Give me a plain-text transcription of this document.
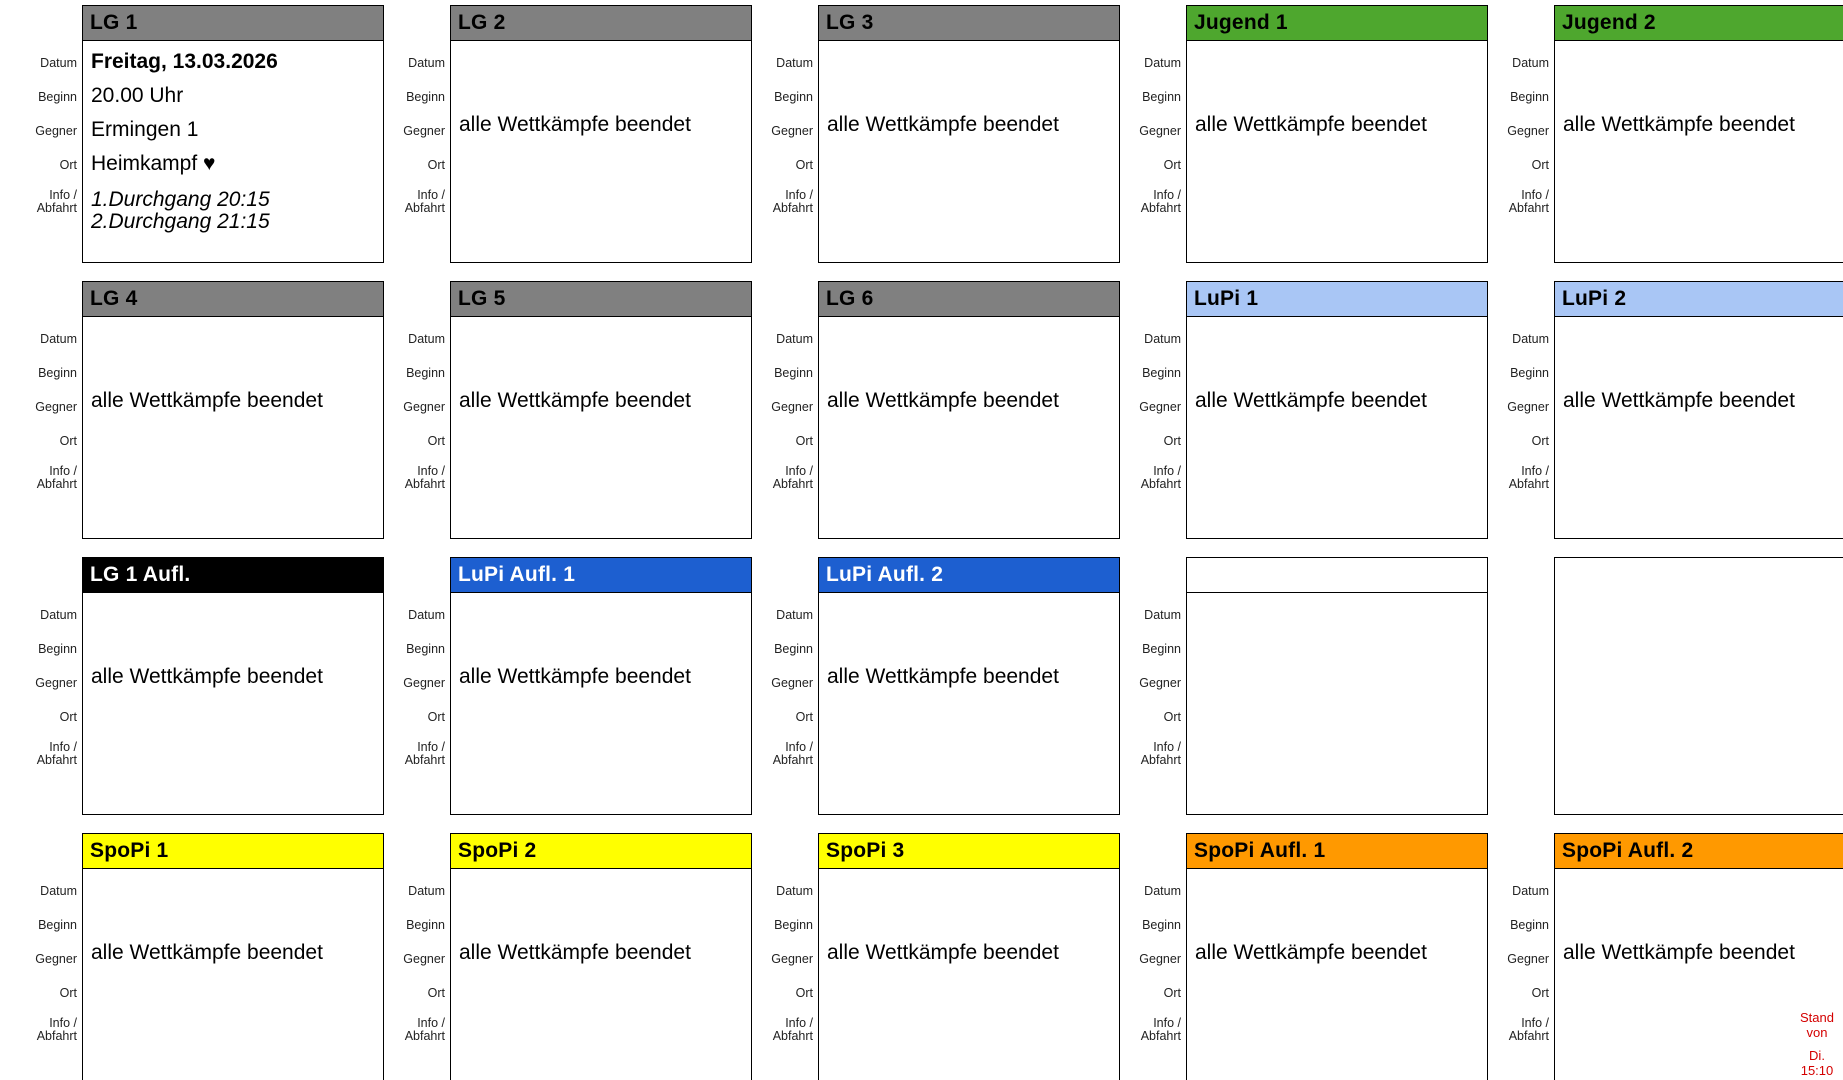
LG 1
Datum
Beginn
Gegner
Ort
Info /
Abfahrt
Freitag, 13.03.2026
20.00 Uhr
Ermingen 1
Heimkampf ♥
1.Durchgang 20:15
2.Durchgang 21:15
LG 2
Datum
Beginn
Gegner
Ort
Info /
Abfahrt
alle Wettkämpfe beendet
LG 3
Datum
Beginn
Gegner
Ort
Info /
Abfahrt
alle Wettkämpfe beendet
Jugend 1
Datum
Beginn
Gegner
Ort
Info /
Abfahrt
alle Wettkämpfe beendet
Jugend 2
Datum
Beginn
Gegner
Ort
Info /
Abfahrt
alle Wettkämpfe beendet
LG 4
Datum
Beginn
Gegner
Ort
Info /
Abfahrt
alle Wettkämpfe beendet
LG 5
Datum
Beginn
Gegner
Ort
Info /
Abfahrt
alle Wettkämpfe beendet
LG 6
Datum
Beginn
Gegner
Ort
Info /
Abfahrt
alle Wettkämpfe beendet
LuPi 1
Datum
Beginn
Gegner
Ort
Info /
Abfahrt
alle Wettkämpfe beendet
LuPi 2
Datum
Beginn
Gegner
Ort
Info /
Abfahrt
alle Wettkämpfe beendet
LG 1 Aufl.
Datum
Beginn
Gegner
Ort
Info /
Abfahrt
alle Wettkämpfe beendet
LuPi Aufl. 1
Datum
Beginn
Gegner
Ort
Info /
Abfahrt
alle Wettkämpfe beendet
LuPi Aufl. 2
Datum
Beginn
Gegner
Ort
Info /
Abfahrt
alle Wettkämpfe beendet
Datum
Beginn
Gegner
Ort
Info /
Abfahrt
SpoPi 1
Datum
Beginn
Gegner
Ort
Info /
Abfahrt
alle Wettkämpfe beendet
SpoPi 2
Datum
Beginn
Gegner
Ort
Info /
Abfahrt
alle Wettkämpfe beendet
SpoPi 3
Datum
Beginn
Gegner
Ort
Info /
Abfahrt
alle Wettkämpfe beendet
SpoPi Aufl. 1
Datum
Beginn
Gegner
Ort
Info /
Abfahrt
alle Wettkämpfe beendet
SpoPi Aufl. 2
Datum
Beginn
Gegner
Ort
Info /
Abfahrt
alle Wettkämpfe beendet
Stand
von
Di.
15:10
